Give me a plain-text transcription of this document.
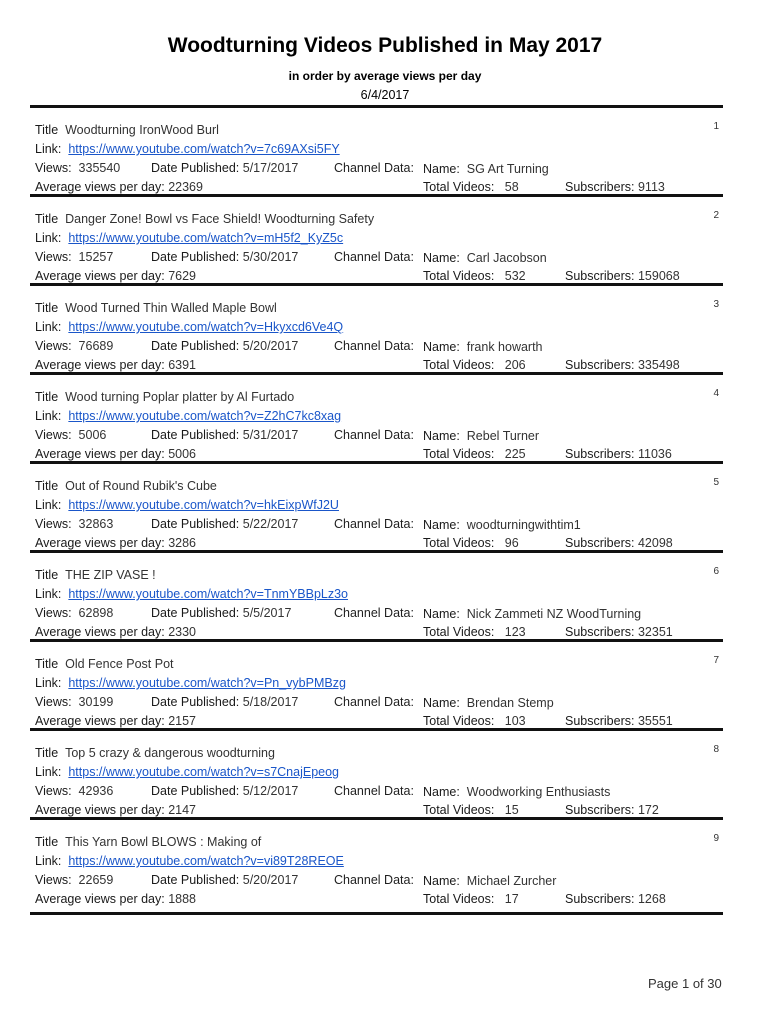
Woodturning Videos Published in May 2017
in order by average views per day
6/4/2017
1
Title Woodturning IronWood Burl
Link: https://www.youtube.com/watch?v=7c69AXsi5FY
Views: 335540 Date Published: 5/17/2017	Channel Data: Name: SG Art Turning
Average views per day: 22369	Total Videos: 58	Subscribers: 9113
2
Title Danger Zone! Bowl vs Face Shield! Woodturning Safety
Link: https://www.youtube.com/watch?v=mH5f2_KyZ5c
Views: 15257	Date Published: 5/30/2017	Channel Data: Name: Carl Jacobson
Average views per day: 7629	Total Videos: 532	Subscribers: 159068
3
Title Wood Turned Thin Walled Maple Bowl
Link: https://www.youtube.com/watch?v=Hkyxcd6Ve4Q
Views: 76689	Date Published: 5/20/2017	Channel Data: Name: frank howarth
Average views per day: 6391	Total Videos: 206	Subscribers: 335498
4
Title Wood turning Poplar platter by Al Furtado
Link: https://www.youtube.com/watch?v=Z2hC7kc8xag
Views: 5006	Date Published: 5/31/2017	Channel Data: Name: Rebel Turner
Average views per day: 5006	Total Videos: 225	Subscribers: 11036
5
Title Out of Round Rubik's Cube
Link: https://www.youtube.com/watch?v=hkEixpWfJ2U
Views: 32863	Date Published: 5/22/2017	Channel Data: Name: woodturningwithtim1
Average views per day: 3286	Total Videos: 96	Subscribers: 42098
6
Title THE ZIP VASE !
Link: https://www.youtube.com/watch?v=TnmYBBpLz3o
Views: 62898	Date Published: 5/5/2017	Channel Data: Name: Nick Zammeti NZ WoodTurning
Average views per day: 2330	Total Videos: 123	Subscribers: 32351
7
Title Old Fence Post Pot
Link: https://www.youtube.com/watch?v=Pn_vybPMBzg
Views: 30199	Date Published: 5/18/2017	Channel Data: Name: Brendan Stemp
Average views per day: 2157	Total Videos: 103	Subscribers: 35551
8
Title Top 5 crazy & dangerous woodturning
Link: https://www.youtube.com/watch?v=s7CnajEpeog
Views: 42936	Date Published: 5/12/2017	Channel Data: Name: Woodworking Enthusiasts
Average views per day: 2147	Total Videos: 15	Subscribers: 172
9
Title This Yarn Bowl BLOWS : Making of
Link: https://www.youtube.com/watch?v=vi89T28REOE
Views: 22659	Date Published: 5/20/2017	Channel Data: Name: Michael Zurcher
Average views per day: 1888	Total Videos: 17	Subscribers: 1268
Page 1 of 30
